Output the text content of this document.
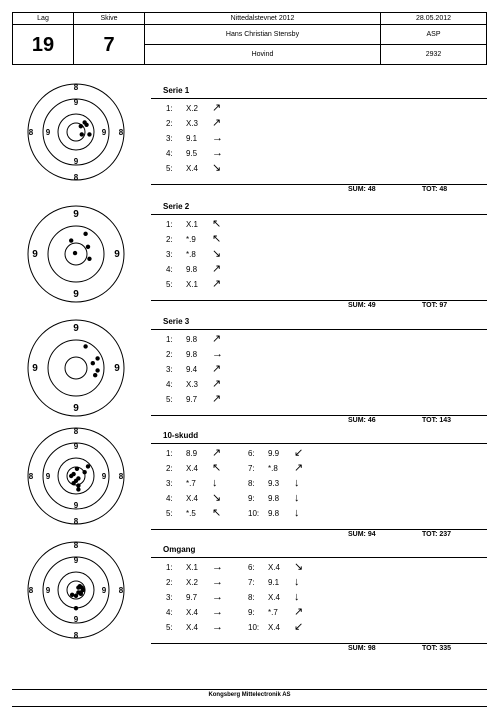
Lag	Skive	Nittedalstevnet 2012	28.05.2012

19	7	Hans Christian Stensby	ASP
		Hovind	2932
Serie 1
1: X.2 ↗
2: X.3 ↗
3: 9.1 →
4: 9.5 →
5: X.4 ↘
SUM: 48	TOT: 48
Serie 2
1: X.1 ↖
2: *.9 ↖
3: *.8 ↘
4: 9.8 ↗
5: X.1 ↗
SUM: 49	TOT: 97
Serie 3
1: 9.8 ↗
2: 9.8 →
3: 9.4 ↗
4: X.3 ↗
5: 9.7 ↗
SUM: 46	TOT: 143
10-skudd
1: 8.9 ↗
2: X.4 ↖
3: *.7 ↓
4: X.4 ↘
5: *.5 ↖
6: 9.9 ↙
7: *.8 ↗
8: 9.3 ↓
9: 9.8 ↓
10: 9.8 ↓
SUM: 94	TOT: 237
Omgang
1: X.1 →
2: X.2 →
3: 9.7 →
4: X.4 →
5: X.4 →
6: X.4 ↘
7: 9.1 ↓
8: X.4 ↓
9: *.7 ↗
10: X.4 ↙
SUM: 98	TOT: 335
Kongsberg Mittelectronik AS
8
9
9
8
8 9	9 8
9
9
9	9
9
9
9	9
8
9
9
8
8 9	9 8
8
9
9
8
8 9	9 8
